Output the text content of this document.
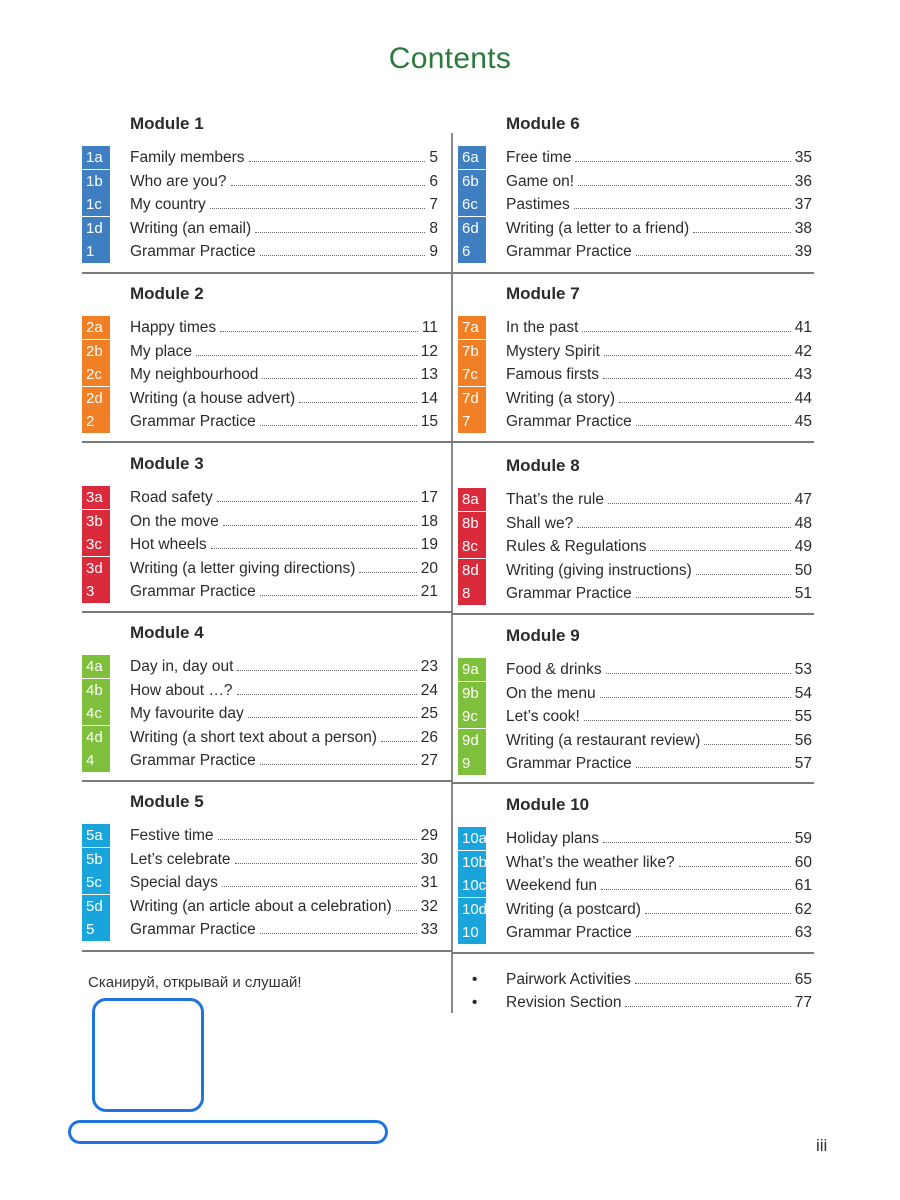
Contents
Module 1
1a	Family members	5
1b	Who are you?	6
1c	My country	7
1d	Writing (an email)	8
1	Grammar Practice	9
Module 2
2a	Happy times	11
2b	My place	12
2c	My neighbourhood	13
2d	Writing (a house advert)	14
2	Grammar Practice	15
Module 3
3a	Road safety	17
3b	On the move	18
3c	Hot wheels	19
3d	Writing (a letter giving directions)	20
3	Grammar Practice	21
Module 4
4a	Day in, day out	23
4b	How about …?	24
4c	My favourite day	25
4d	Writing (a short text about a person)	26
4	Grammar Practice	27
Module 5
5a	Festive time	29
5b	Let’s celebrate	30
5c	Special days	31
5d	Writing (an article about a celebration) 32
5	Grammar Practice	33
Module 6
6a	Free time	35
6b	Game on!	36
6c	Pastimes	37
6d	Writing (a letter to a friend)	38
6	Grammar Practice	39
Module 7
7a	In the past	41
7b	Mystery Spirit	42
7c	Famous firsts	43
7d	Writing (a story)	44
7	Grammar Practice	45
Module 8
8a	That’s the rule	47
8b	Shall we?	48
8c	Rules & Regulations	49
8d	Writing (giving instructions)	50
8	Grammar Practice	51
Module 9
9a	Food & drinks	53
9b	On the menu	54
9c	Let’s cook!	55
9d	Writing (a restaurant review)	56
9	Grammar Practice	57
Module 10
10a Holiday plans	59
10b What’s the weather like?	60
10c Weekend fun	61
10d Writing (a postcard)	62
10	Grammar Practice	63
• Pairwork Activities	65
• Revision Section	77
Сканируй, открывай и слушай!
iii
